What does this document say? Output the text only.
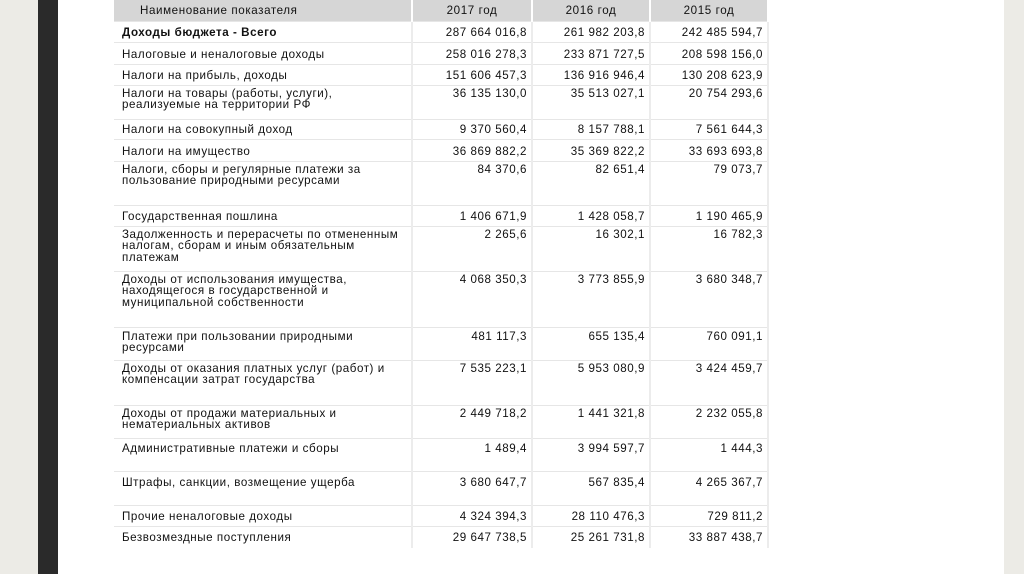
Наименование показателя	2017 год	2016 год	2015 год
Доходы бюджета - Всего	287 664 016,8	261 982 203,8	242 485 594,7
Налоговые и неналоговые доходы	258 016 278,3	233 871 727,5	208 598 156,0
Налоги на прибыль, доходы	151 606 457,3	136 916 946,4	130 208 623,9
Налоги на товары (работы, услуги), реализуемые на территории РФ	36 135 130,0	35 513 027,1	20 754 293,6
Налоги на совокупный доход	9 370 560,4	8 157 788,1	7 561 644,3
Налоги на имущество	36 869 882,2	35 369 822,2	33 693 693,8
Налоги, сборы и регулярные платежи за пользование природными ресурсами	84 370,6	82 651,4	79 073,7
Государственная пошлина	1 406 671,9	1 428 058,7	1 190 465,9
Задолженность и перерасчеты по отмененным налогам, сборам и иным обязательным платежам	2 265,6	16 302,1	16 782,3
Доходы от использования имущества, находящегося в государственной и муниципальной собственности	4 068 350,3	3 773 855,9	3 680 348,7
Платежи при пользовании природными ресурсами	481 117,3	655 135,4	760 091,1
Доходы от оказания платных услуг (работ) и компенсации затрат государства	7 535 223,1	5 953 080,9	3 424 459,7
Доходы от продажи материальных и нематериальных активов	2 449 718,2	1 441 321,8	2 232 055,8
Административные платежи и сборы	1 489,4	3 994 597,7	1 444,3
Штрафы, санкции, возмещение ущерба	3 680 647,7	567 835,4	4 265 367,7
Прочие неналоговые доходы	4 324 394,3	28 110 476,3	729 811,2
Безвозмездные поступления	29 647 738,5	25 261 731,8	33 887 438,7
